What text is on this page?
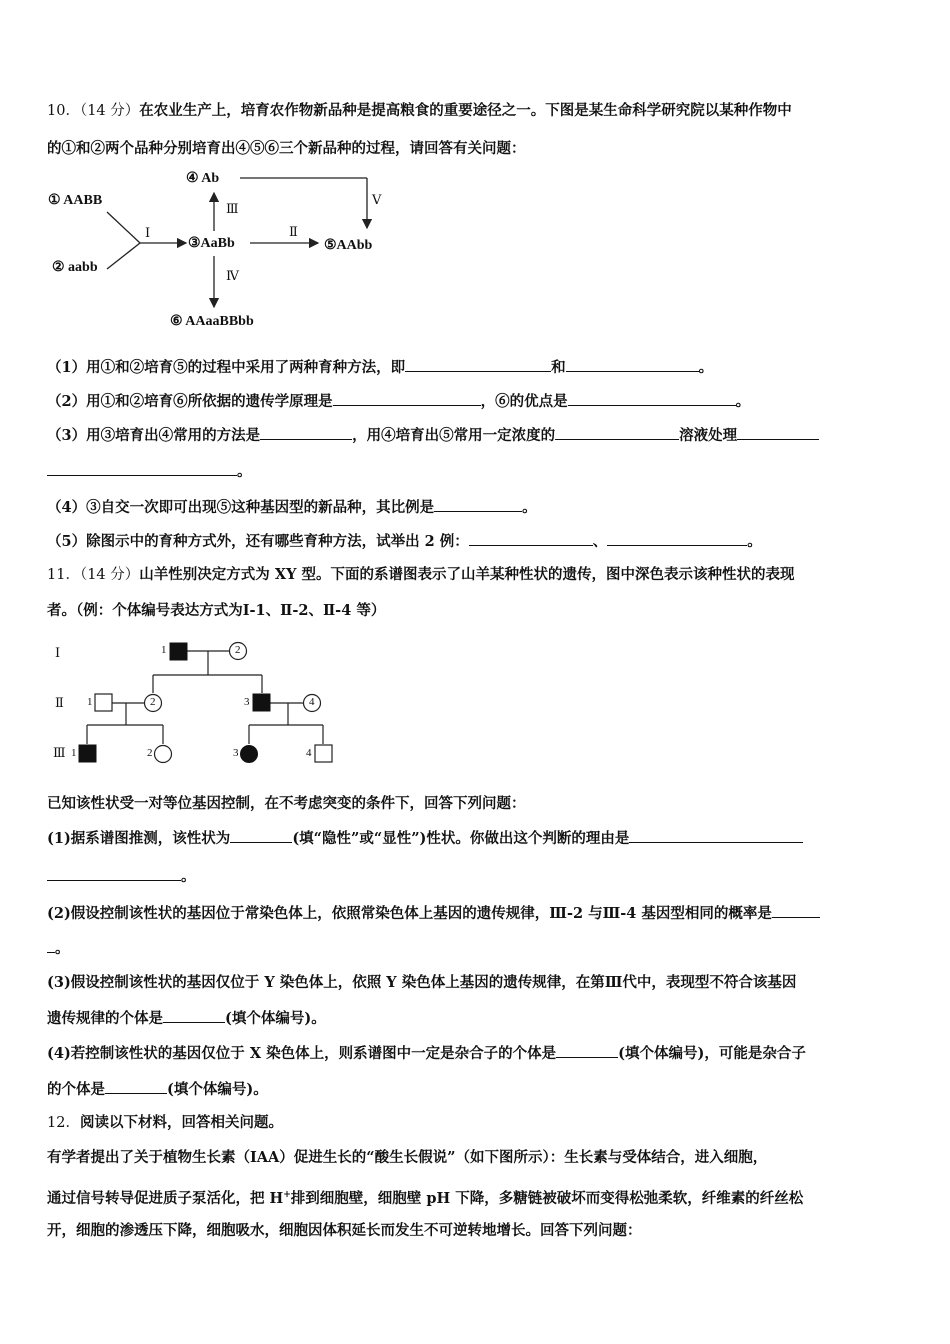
10．（14 分）在农业生产上，培育农作物新品种是提高粮食的重要途径之一。下图是某生命科学研究院以某种作物中
的①和②两个品种分别培育出④⑤⑥三个新品种的过程，请回答有关问题：
① AABB
② aabb
③AaBb
④ Ab
⑤AAbb
⑥ AAaaBBbb
Ⅰ	Ⅱ
Ⅲ
Ⅳ
Ⅴ
（1）用①和②培育⑤的过程中采用了两种育种方法，即	和	。
（2）用①和②培育⑥所依据的遗传学原理是	，⑥的优点是	。
（3）用③培育出④常用的方法是	，用④培育出⑤常用一定浓度的	溶液处理
。
（4）③自交一次即可出现⑤这种基因型的新品种，其比例是	。
（5）除图示中的育种方式外，还有哪些育种方法，试举出 2 例：	、	。
11．（14 分）山羊性别决定方式为 XY 型。下面的系谱图表示了山羊某种性状的遗传，图中深色表示该种性状的表现
者。（例：个体编号表达方式为Ⅰ-1、Ⅱ-2、Ⅱ-4 等）
Ⅰ
Ⅱ
Ⅲ
1	2
1	2	3	4
1	2	3	4
已知该性状受一对等位基因控制，在不考虑突变的条件下，回答下列问题：
(1)据系谱图推测，该性状为	(填“隐性”或“显性”)性状。你做出这个判断的理由是
。
(2)假设控制该性状的基因位于常染色体上，依照常染色体上基因的遗传规律，Ⅲ-2 与Ⅲ-4 基因型相同的概率是
。
(3)假设控制该性状的基因仅位于 Y 染色体上，依照 Y 染色体上基因的遗传规律，在第Ⅲ代中，表现型不符合该基因
遗传规律的个体是	(填个体编号)。
(4)若控制该性状的基因仅位于 X 染色体上，则系谱图中一定是杂合子的个体是	(填个体编号)，可能是杂合子
的个体是	(填个体编号)。
12．阅读以下材料，回答相关问题。
有学者提出了关于植物生长素（IAA）促进生长的“酸生长假说”（如下图所示）：生长素与受体结合，进入细胞，
通过信号转导促进质子泵活化，把 H+排到细胞壁，细胞壁 pH 下降，多糖链被破坏而变得松弛柔软，纤维素的纤丝松
开，细胞的渗透压下降，细胞吸水，细胞因体积延长而发生不可逆转地增长。回答下列问题：
